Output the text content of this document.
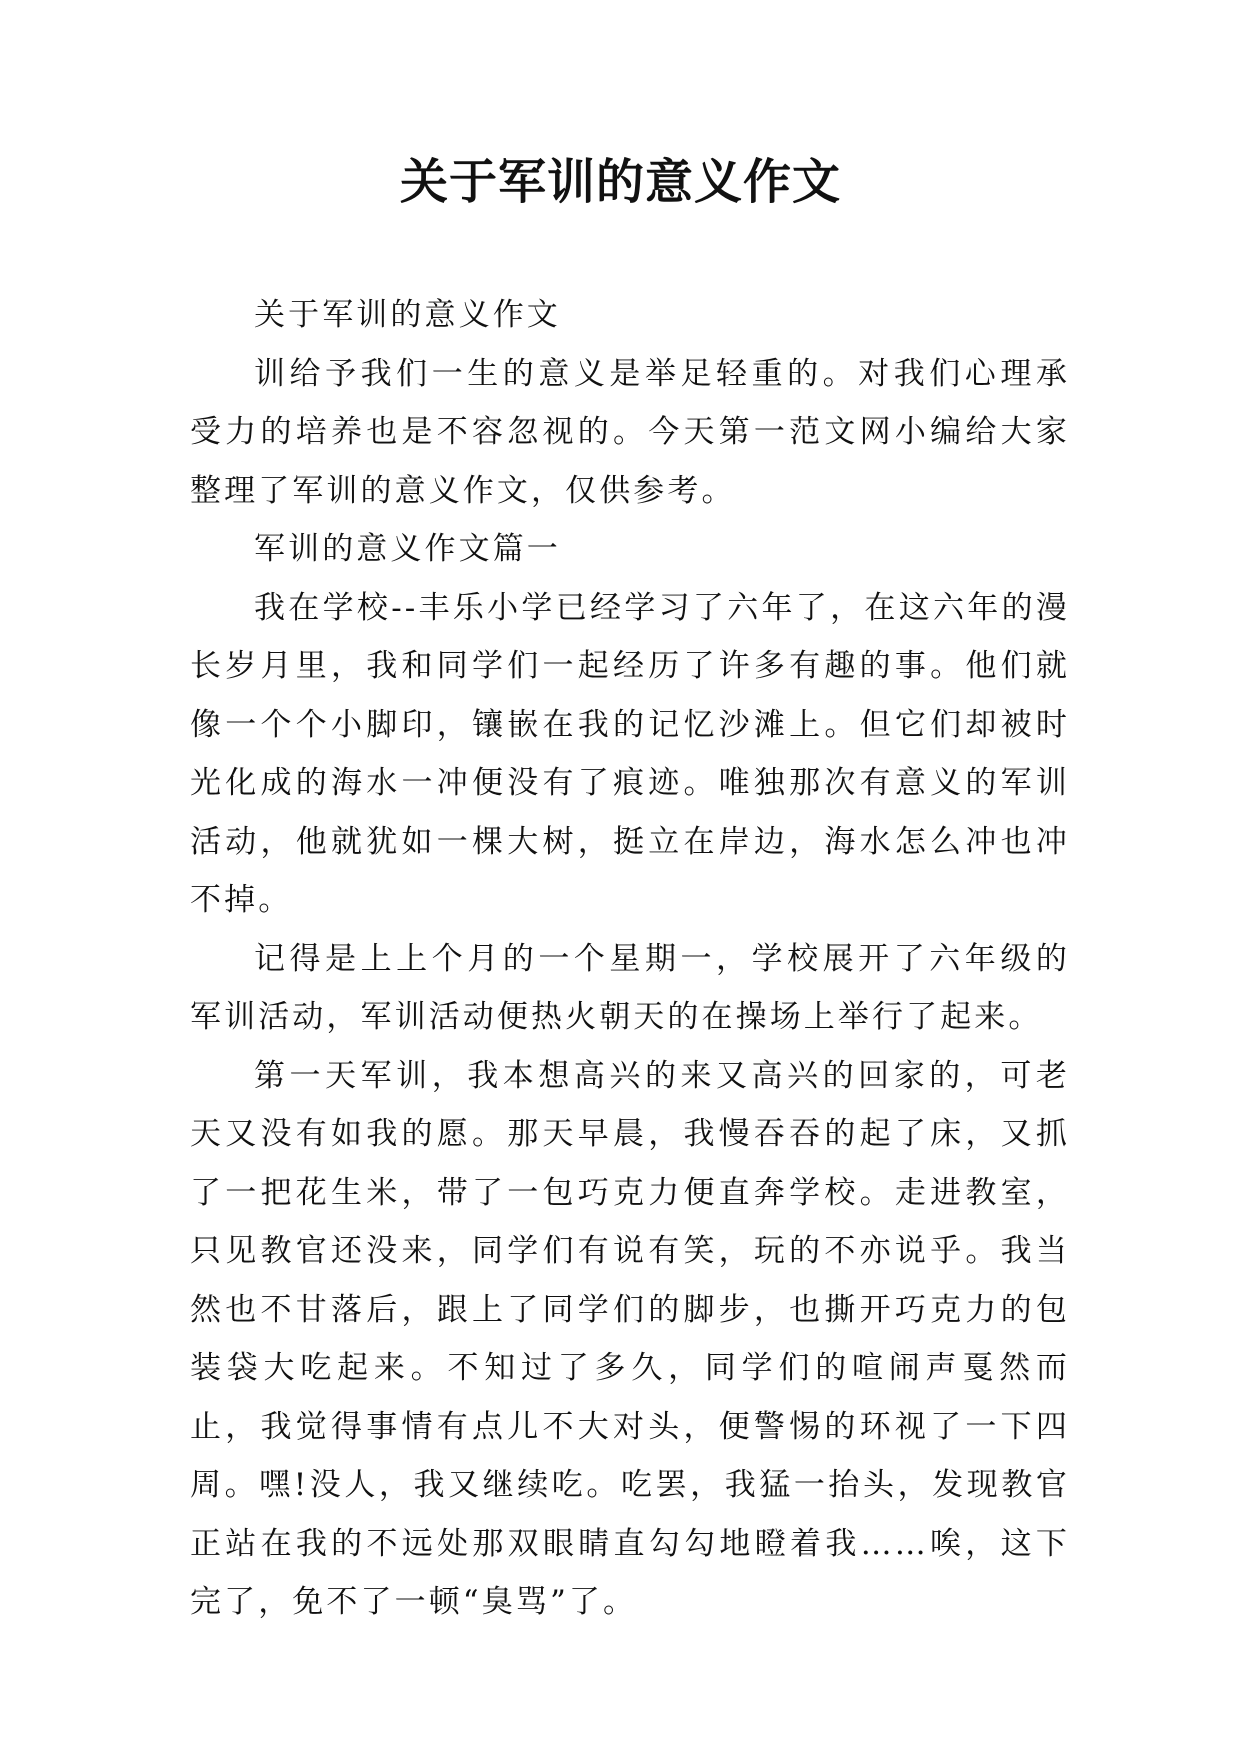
关于军训的意义作文

关于军训的意义作文

训给予我们一生的意义是举足轻重的。对我们心理承受力的培养也是不容忽视的。今天第一范文网小编给大家整理了军训的意义作文，仅供参考。

军训的意义作文篇一

我在学校--丰乐小学已经学习了六年了，在这六年的漫长岁月里，我和同学们一起经历了许多有趣的事。他们就像一个个小脚印，镶嵌在我的记忆沙滩上。但它们却被时光化成的海水一冲便没有了痕迹。唯独那次有意义的军训活动，他就犹如一棵大树，挺立在岸边，海水怎么冲也冲不掉。

记得是上上个月的一个星期一，学校展开了六年级的军训活动，军训活动便热火朝天的在操场上举行了起来。

第一天军训，我本想高兴的来又高兴的回家的，可老天又没有如我的愿。那天早晨，我慢吞吞的起了床，又抓了一把花生米，带了一包巧克力便直奔学校。走进教室，只见教官还没来，同学们有说有笑，玩的不亦说乎。我当然也不甘落后，跟上了同学们的脚步，也撕开巧克力的包装袋大吃起来。不知过了多久，同学们的喧闹声戛然而止，我觉得事情有点儿不大对头，便警惕的环视了一下四周。嘿!没人，我又继续吃。吃罢，我猛一抬头，发现教官正站在我的不远处那双眼睛直勾勾地瞪着我……唉，这下完了，免不了一顿“臭骂”了。
